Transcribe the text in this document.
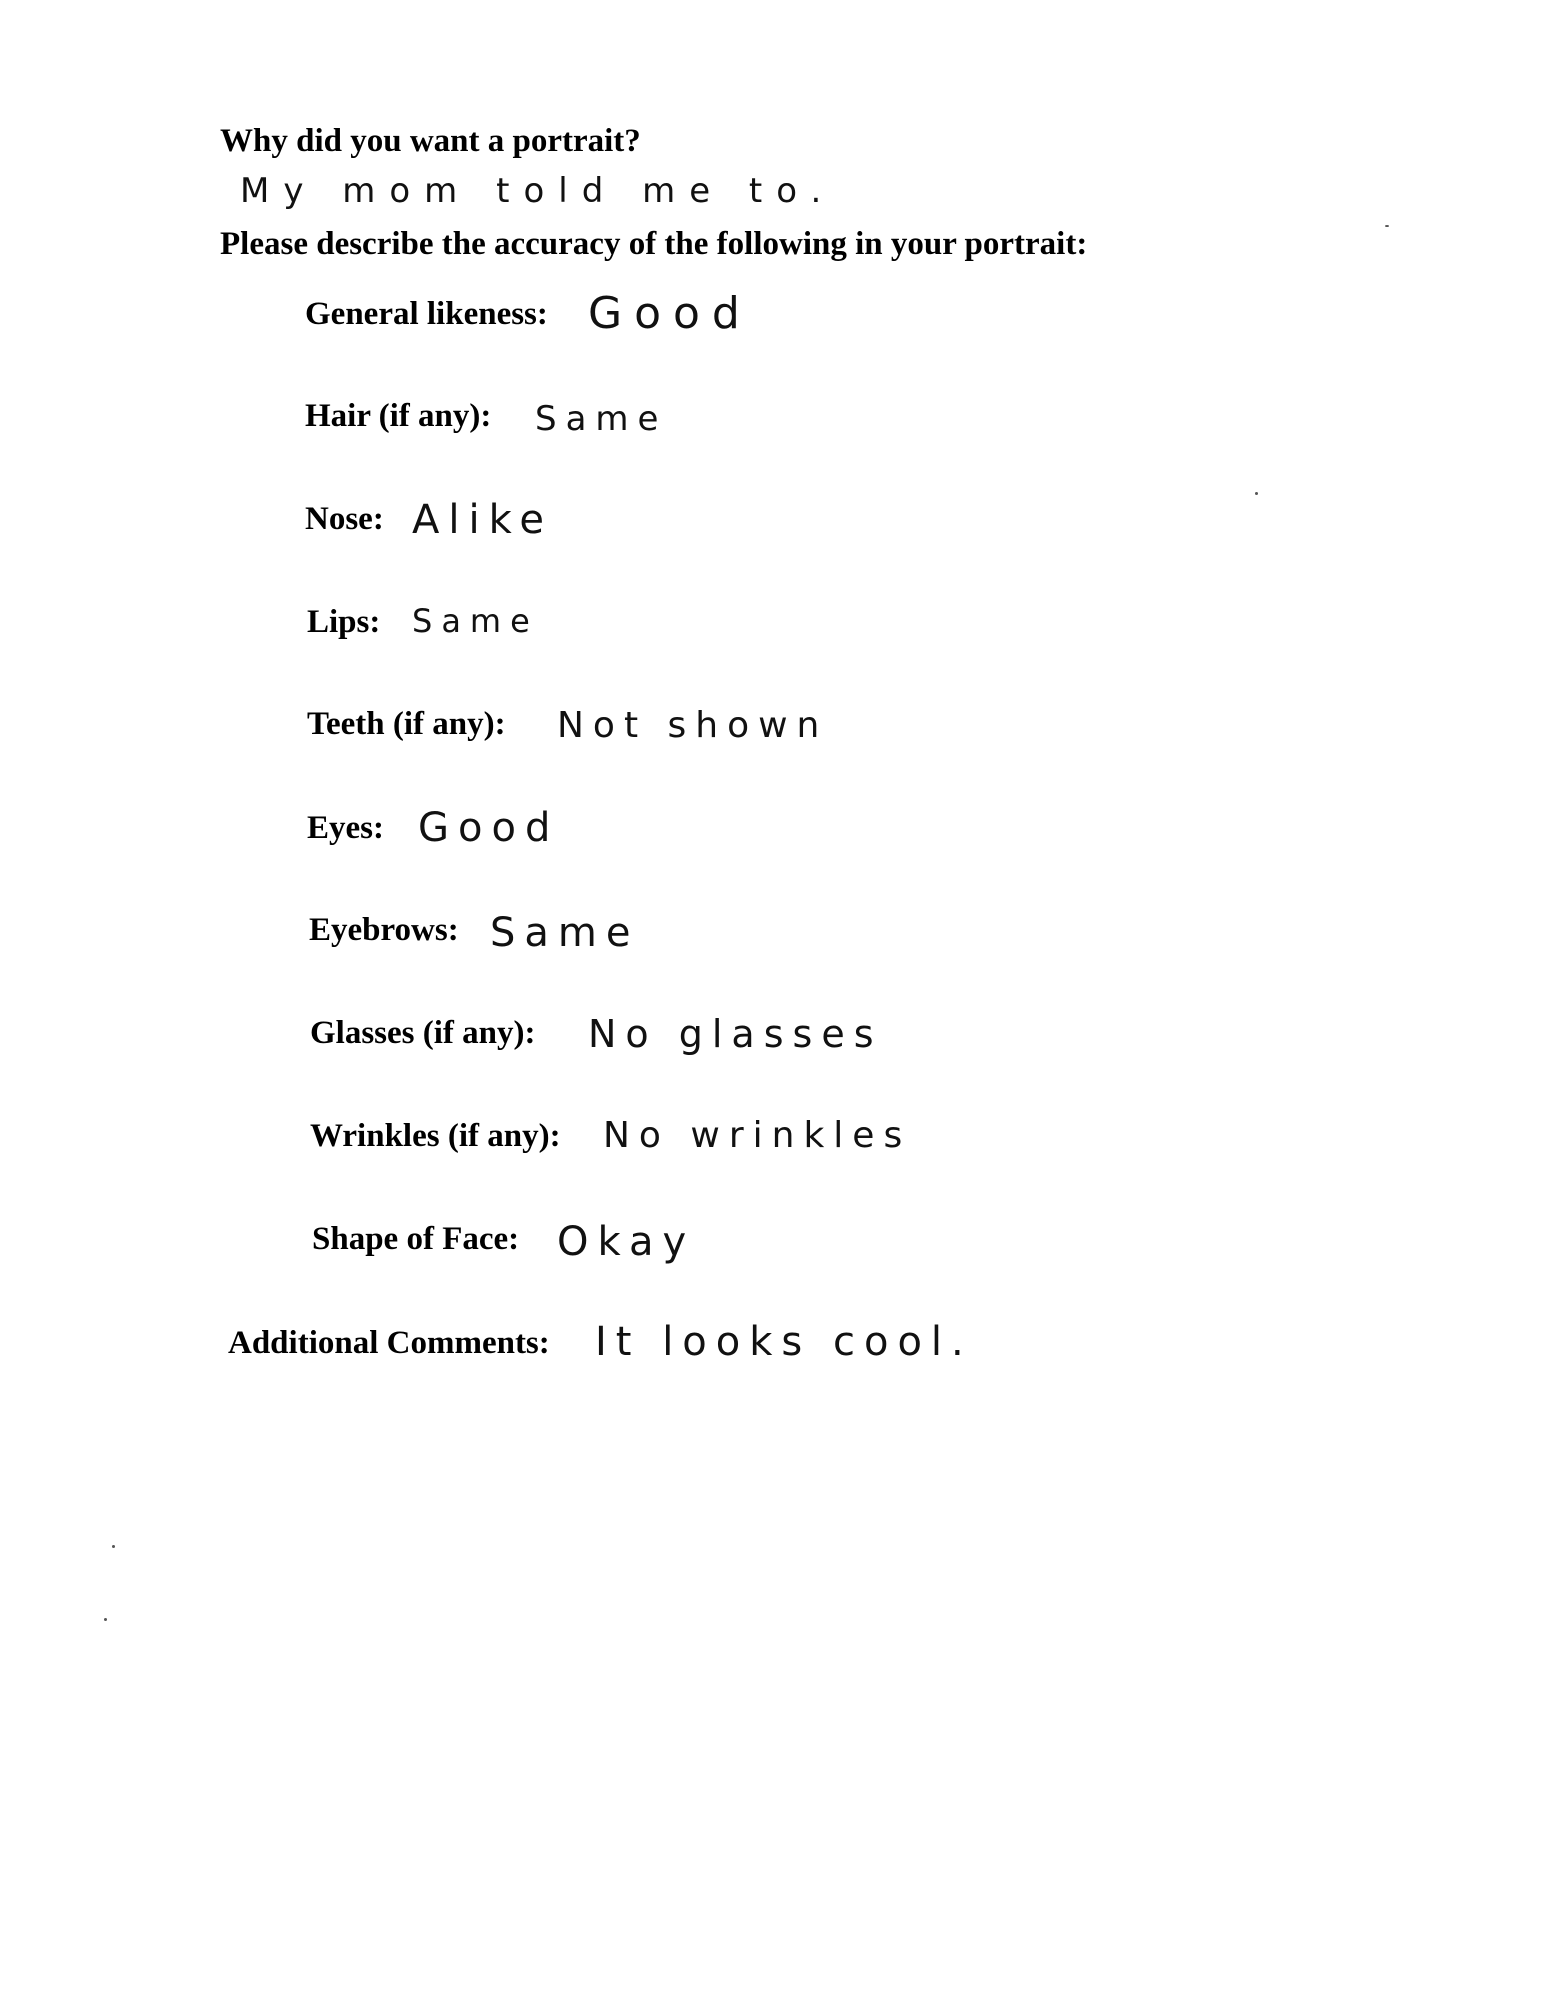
Why did you want a portrait?
My mom told me to.
Please describe the accuracy of the following in your portrait:
General likeness: Good
Hair (if any): Same
Nose: Alike
Lips: Same
Teeth (if any): Not shown
Eyes: Good
Eyebrows: Same
Glasses (if any): No glasses
Wrinkles (if any): No wrinkles
Shape of Face: Okay
Additional Comments: It looks cool.
